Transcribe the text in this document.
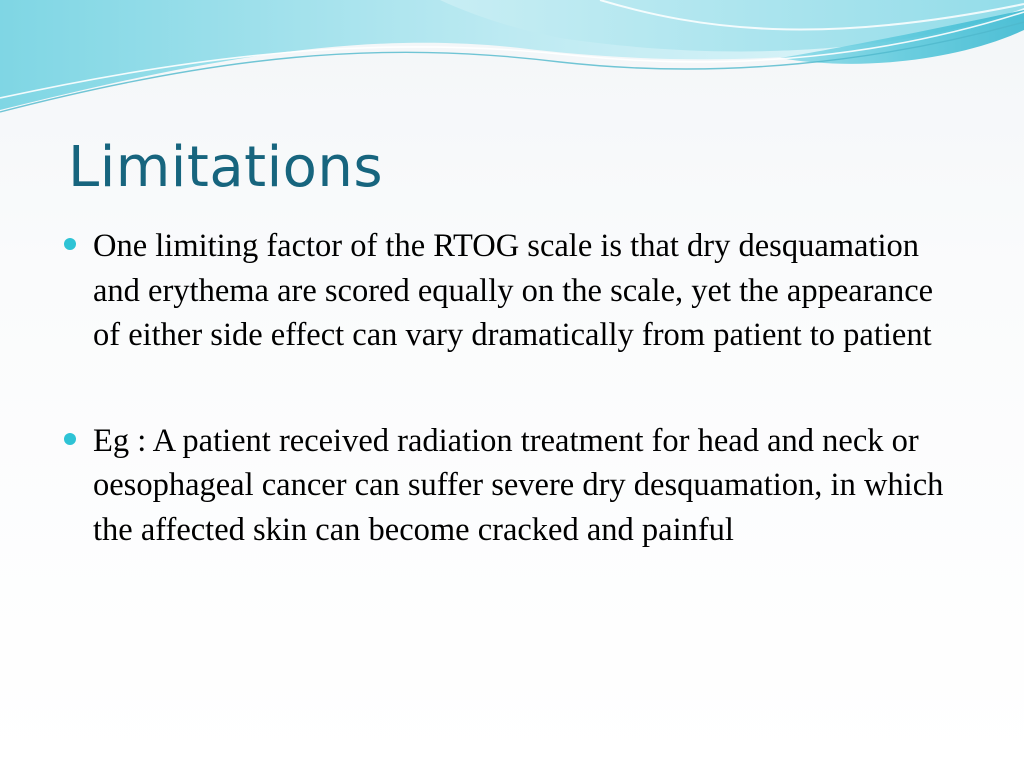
Limitations
One limiting factor of the RTOG scale is that dry desquamation and erythema are scored equally on the scale, yet the appearance of either side effect can vary dramatically from patient to patient
Eg : A patient received radiation treatment for head and neck or oesophageal cancer can suffer severe dry desquamation, in which the affected skin can become cracked and painful
